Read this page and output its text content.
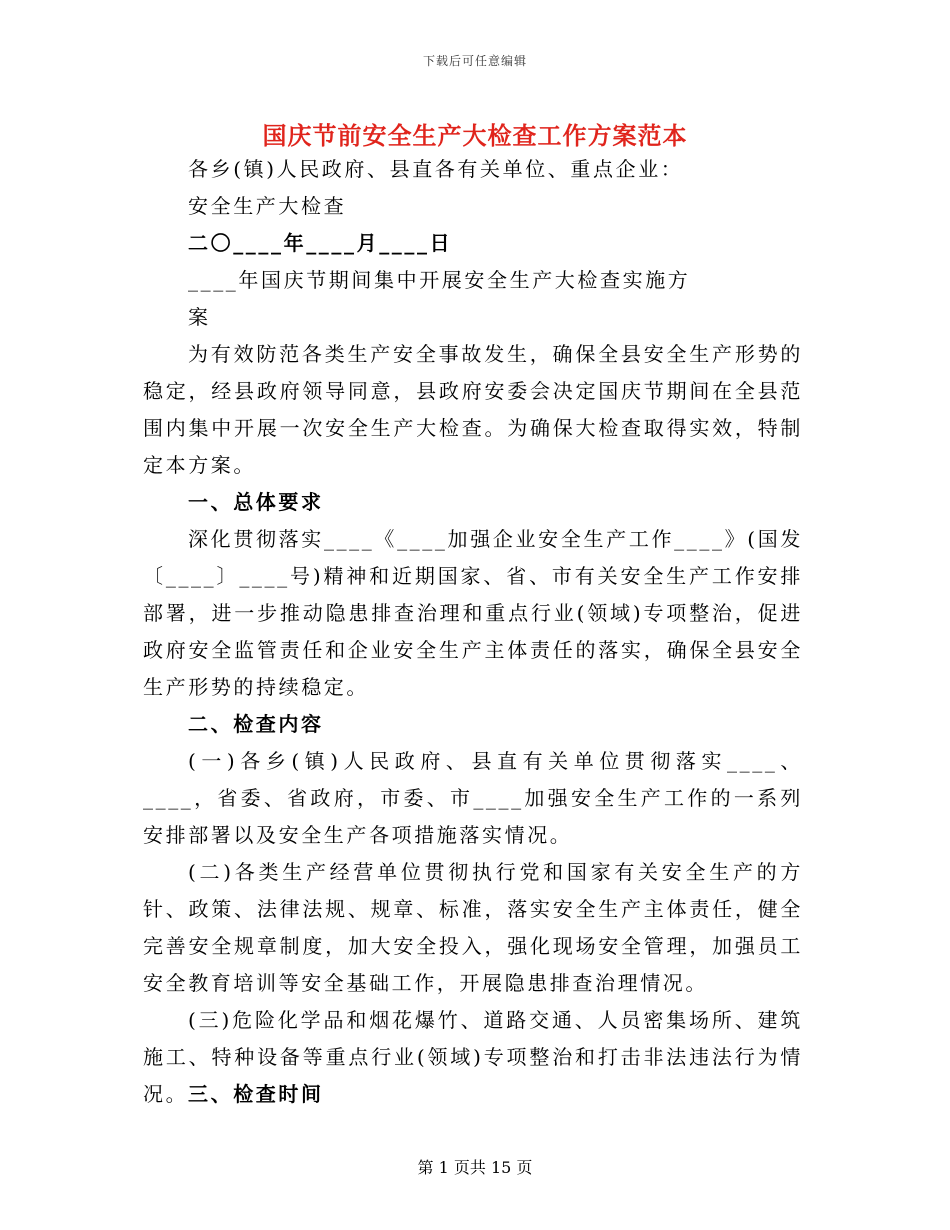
下载后可任意编辑
国庆节前安全生产大检查工作方案范本
各乡(镇)人民政府、县直各有关单位、重点企业：
安全生产大检查
二〇____年____月____日
____年国庆节期间集中开展安全生产大检查实施方
案
为有效防范各类生产安全事故发生，确保全县安全生产形势的稳定，经县政府领导同意，县政府安委会决定国庆节期间在全县范围内集中开展一次安全生产大检查。为确保大检查取得实效，特制定本方案。
一、总体要求
深化贯彻落实____《____加强企业安全生产工作____》(国发〔____〕____号)精神和近期国家、省、市有关安全生产工作安排部署，进一步推动隐患排查治理和重点行业(领域)专项整治，促进政府安全监管责任和企业安全生产主体责任的落实，确保全县安全生产形势的持续稳定。
二、检查内容
(一)各乡(镇)人民政府、县直有关单位贯彻落实____、____，省委、省政府，市委、市____加强安全生产工作的一系列安排部署以及安全生产各项措施落实情况。
(二)各类生产经营单位贯彻执行党和国家有关安全生产的方针、政策、法律法规、规章、标准，落实安全生产主体责任，健全完善安全规章制度，加大安全投入，强化现场安全管理，加强员工安全教育培训等安全基础工作，开展隐患排查治理情况。
(三)危险化学品和烟花爆竹、道路交通、人员密集场所、建筑施工、特种设备等重点行业(领域)专项整治和打击非法违法行为情况。 三、检查时间
第 1 页共 15 页
